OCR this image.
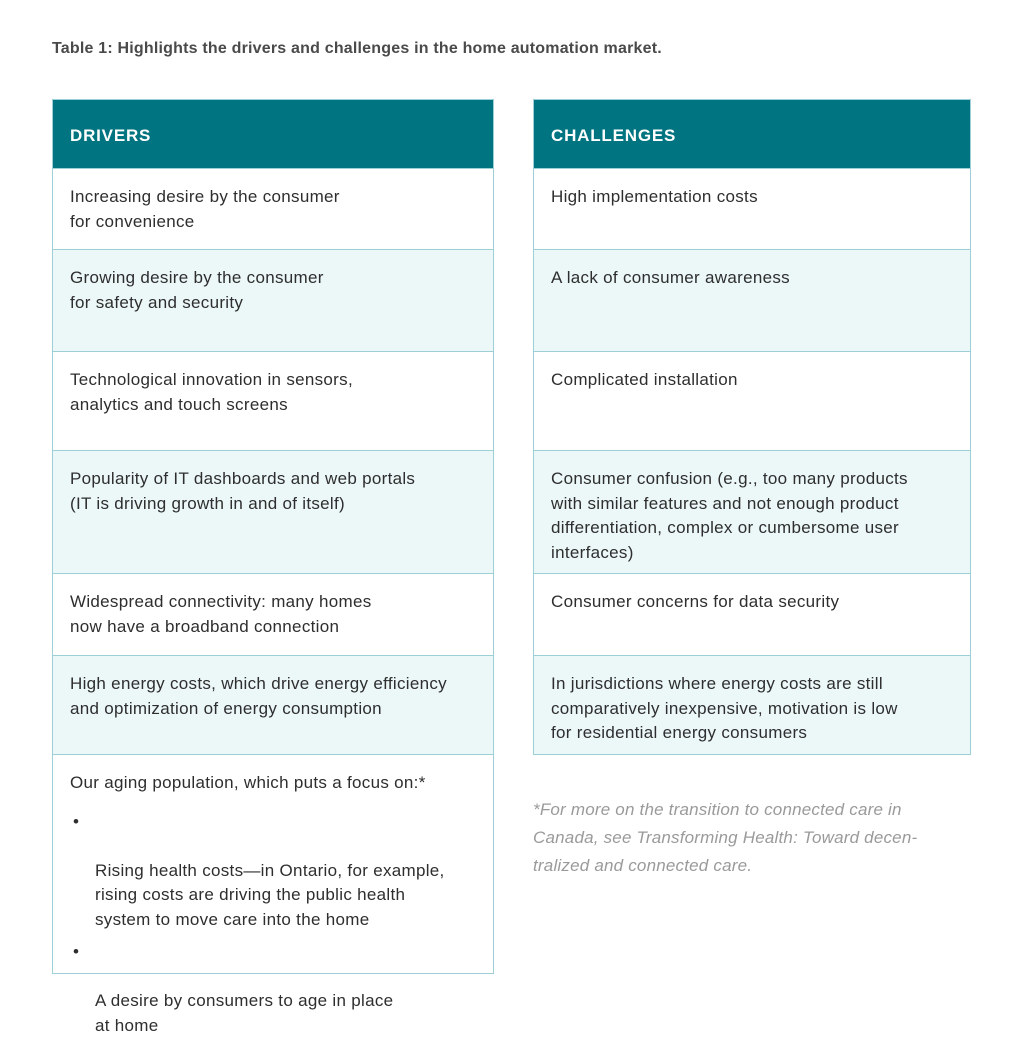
Table 1: Highlights the drivers and challenges in the home automation market.
DRIVERS
Increasing desire by the consumer
for convenience
Growing desire by the consumer
for safety and security
Technological innovation in sensors,
analytics and touch screens
Popularity of IT dashboards and web portals
(IT is driving growth in and of itself)
Widespread connectivity: many homes
now have a broadband connection
High energy costs, which drive energy efficiency
and optimization of energy consumption
Our aging population, which puts a focus on:*

•

Rising health costs—in Ontario, for example,
rising costs are driving the public health
system to move care into the home

•

A desire by consumers to age in place
at home

CHALLENGES
High implementation costs
A lack of consumer awareness
Complicated installation
Consumer confusion (e.g., too many products
with similar features and not enough product
differentiation, complex or cumbersome user
interfaces)
Consumer concerns for data security
In jurisdictions where energy costs are still
comparatively inexpensive, motivation is low
for residential energy consumers
*For more on the transition to connected care in
Canada, see Transforming Health: Toward decen-
tralized and connected care.
